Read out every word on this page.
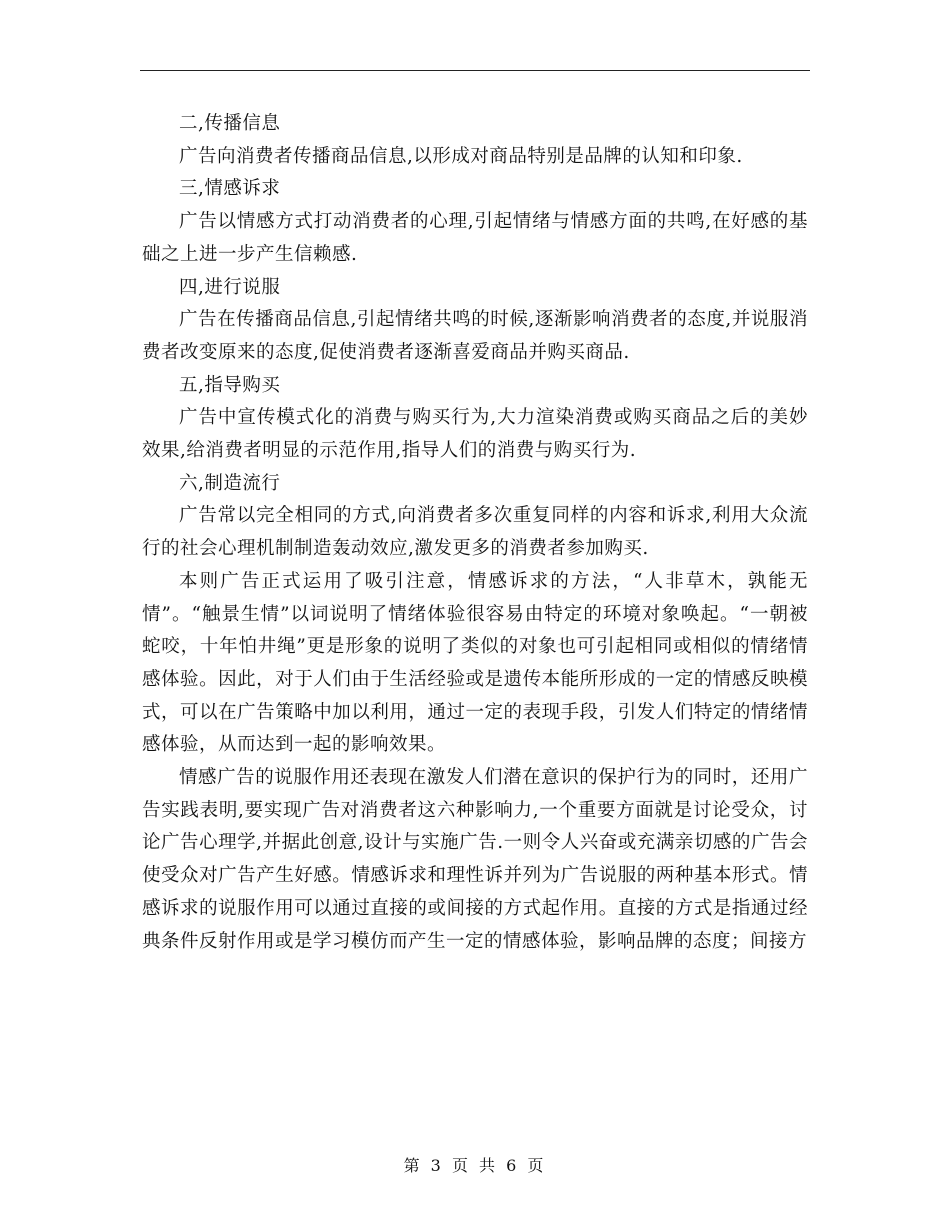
二,传播信息

广告向消费者传播商品信息,以形成对商品特别是品牌的认知和印象.

三,情感诉求

广告以情感方式打动消费者的心理,引起情绪与情感方面的共鸣,在好感的基础之上进一步产生信赖感.

四,进行说服

广告在传播商品信息,引起情绪共鸣的时候,逐渐影响消费者的态度,并说服消费者改变原来的态度,促使消费者逐渐喜爱商品并购买商品.

五,指导购买

广告中宣传模式化的消费与购买行为,大力渲染消费或购买商品之后的美妙效果,给消费者明显的示范作用,指导人们的消费与购买行为.

六,制造流行

广告常以完全相同的方式,向消费者多次重复同样的内容和诉求,利用大众流行的社会心理机制制造轰动效应,激发更多的消费者参加购买.

本则广告正式运用了吸引注意，情感诉求的方法，“人非草木，孰能无情”。“触景生情”以词说明了情绪体验很容易由特定的环境对象唤起。“一朝被蛇咬，十年怕井绳”更是形象的说明了类似的对象也可引起相同或相似的情绪情感体验。因此，对于人们由于生活经验或是遗传本能所形成的一定的情感反映模式，可以在广告策略中加以利用，通过一定的表现手段，引发人们特定的情绪情感体验，从而达到一起的影响效果。

情感广告的说服作用还表现在激发人们潜在意识的保护行为的同时，还用广告实践表明,要实现广告对消费者这六种影响力,一个重要方面就是讨论受众，讨论广告心理学,并据此创意,设计与实施广告.一则令人兴奋或充满亲切感的广告会使受众对广告产生好感。情感诉求和理性诉并列为广告说服的两种基本形式。情感诉求的说服作用可以通过直接的或间接的方式起作用。直接的方式是指通过经典条件反射作用或是学习模仿而产生一定的情感体验，影响品牌的态度；间接方

第 3 页 共 6 页
